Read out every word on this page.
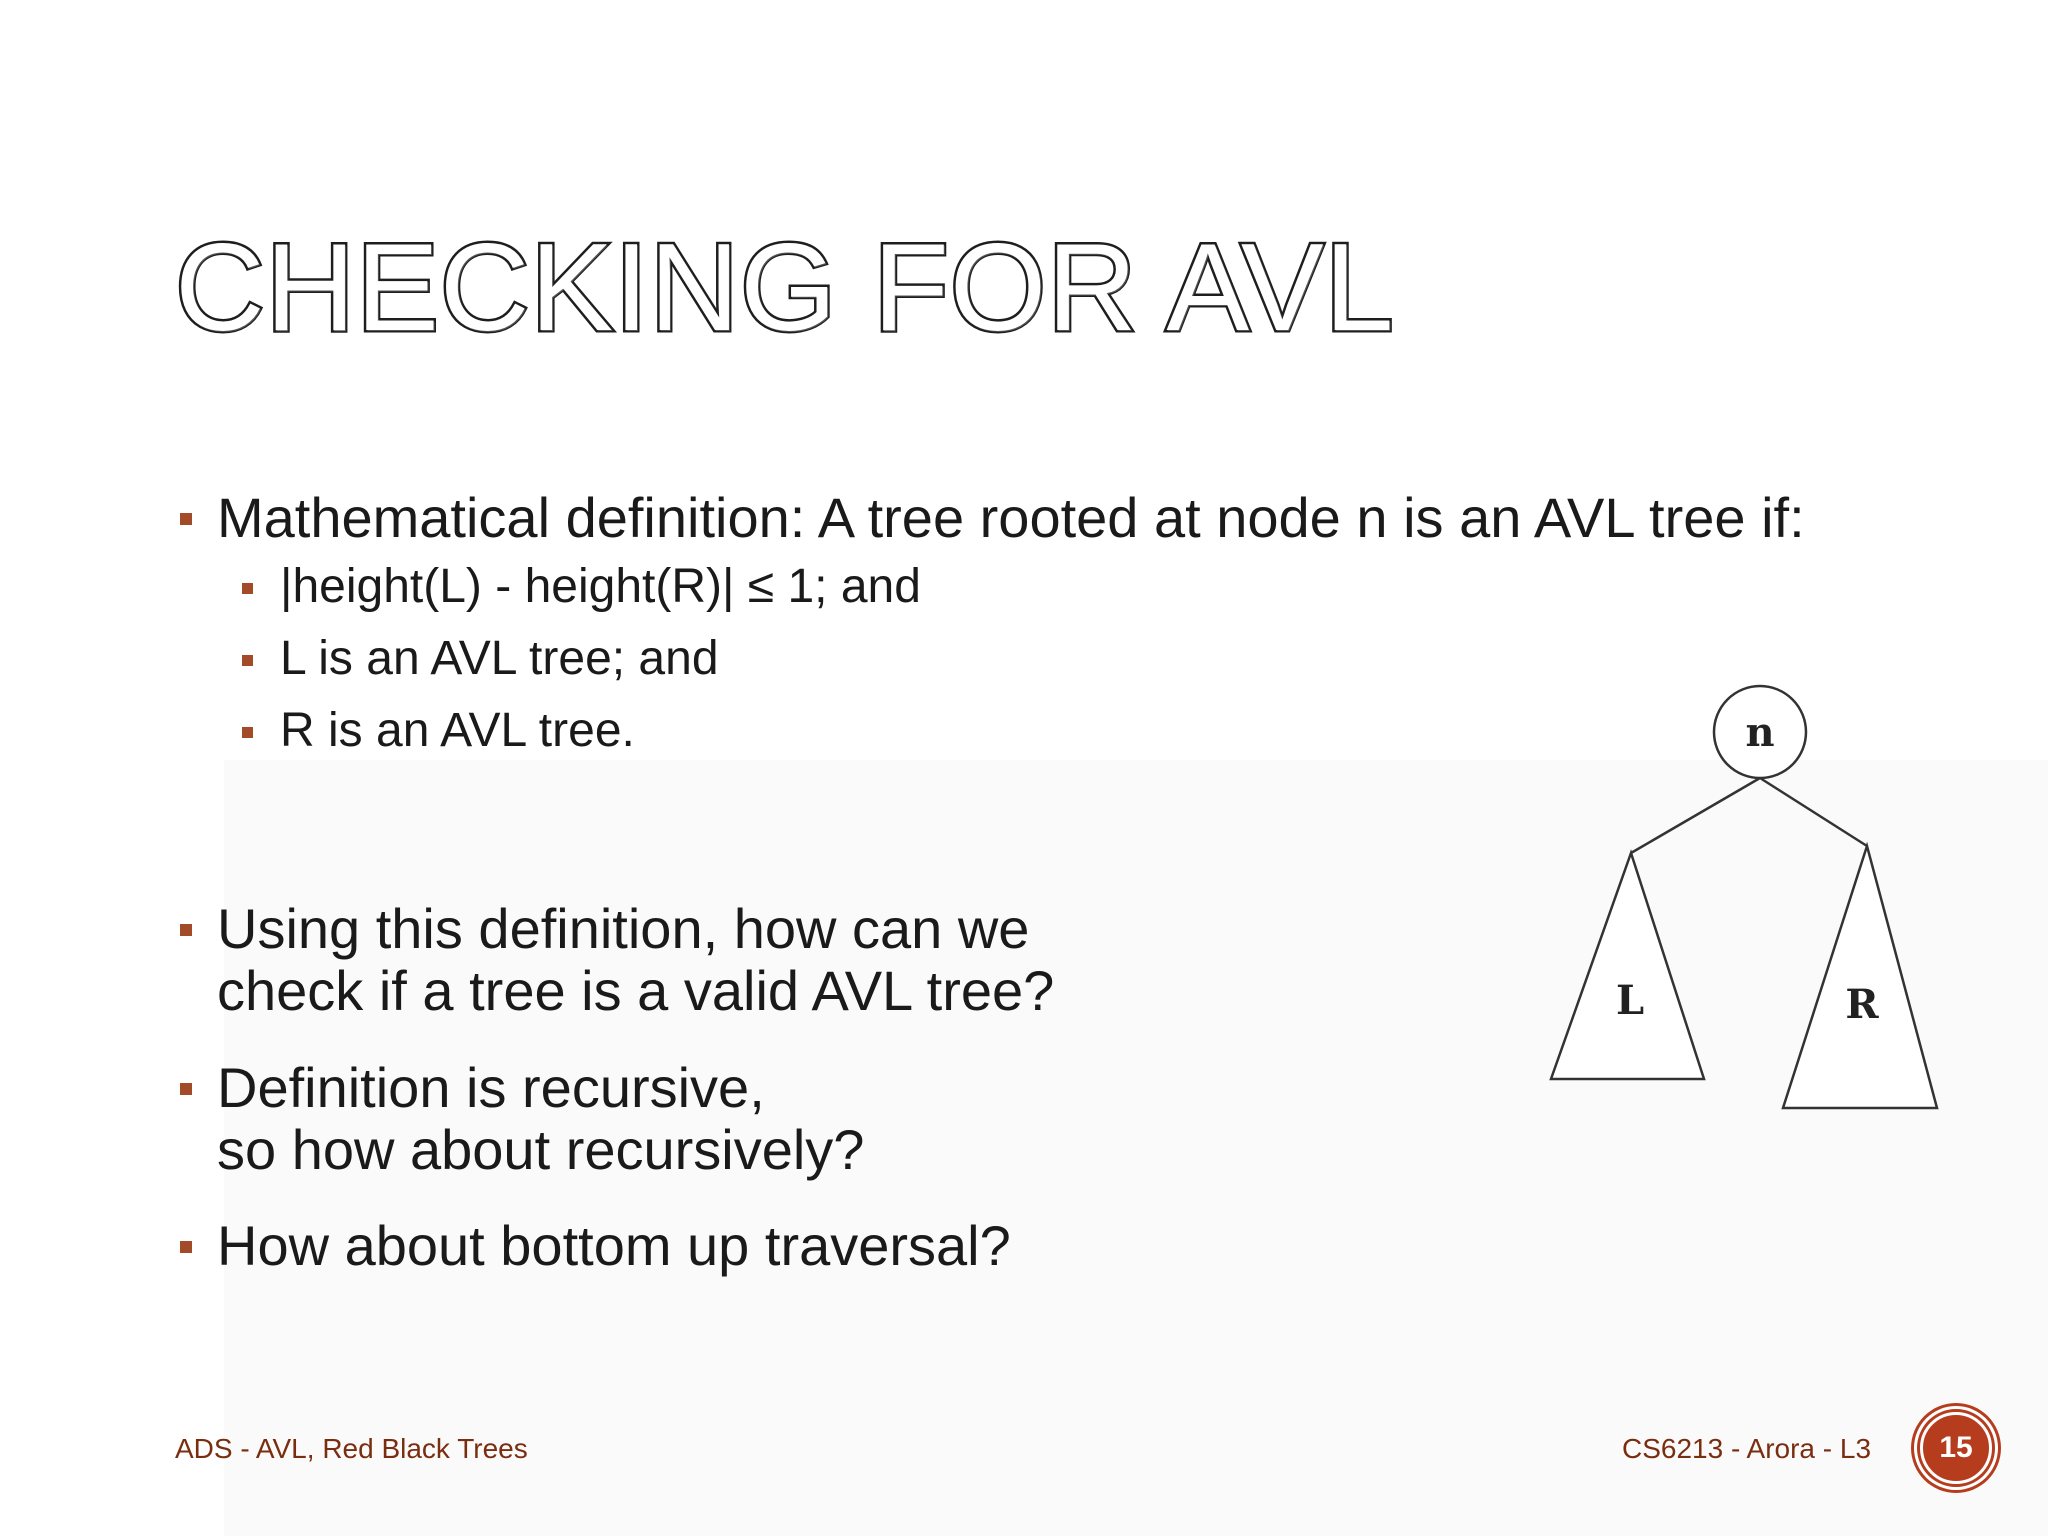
CHECKING FOR AVL
Mathematical definition: A tree rooted at node n is an AVL tree if:
|height(L) - height(R)| ≤ 1; and
L is an AVL tree; and
R is an AVL tree.
Using this definition, how can we
check if a tree is a valid AVL tree?
Definition is recursive,
so how about recursively?
How about bottom up traversal?
n
L	R
ADS - AVL, Red Black Trees	CS6213 - Arora - L3	15
